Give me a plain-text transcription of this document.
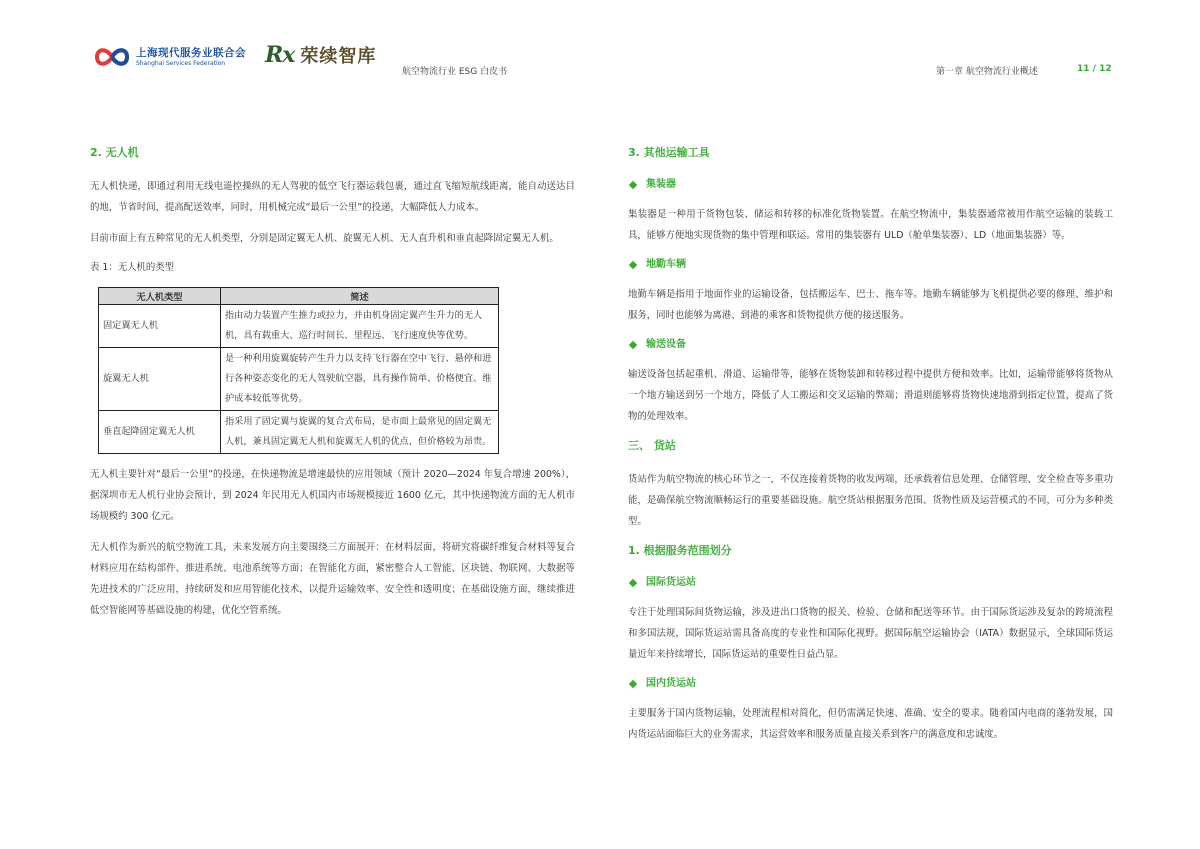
上海现代服务业联合会
Shanghai Services Federation	Rx 荣续智库
航空物流行业 ESG 白皮书	第一章 航空物流行业概述	11 / 12
2. 无人机

无人机快递，即通过利用无线电遥控操纵的无人驾驶的低空飞行器运载包裹，通过直飞缩短航线距离，能自动送达目的地，节省时间，提高配送效率，同时，用机械完成“最后一公里”的投递，大幅降低人力成本。

目前市面上有五种常见的无人机类型，分别是固定翼无人机、旋翼无人机、无人直升机和垂直起降固定翼无人机。

表 1：无人机的类型
无人机类型	简述
固定翼无人机	指由动力装置产生推力或拉力，并由机身固定翼产生升力的无人机，具有载重大、巡行时间长、里程远、飞行速度快等优势。
旋翼无人机	是一种利用旋翼旋转产生升力以支持飞行器在空中飞行、悬停和进行各种姿态变化的无人驾驶航空器，具有操作简单、价格便宜、维护成本较低等优势。
垂直起降固定翼无人机	指采用了固定翼与旋翼的复合式布局，是市面上最常见的固定翼无人机，兼具固定翼无人机和旋翼无人机的优点，但价格较为昂贵。

无人机主要针对“最后一公里”的投递，在快递物流是增速最快的应用领域（预计 2020—2024 年复合增速 200%），据深圳市无人机行业协会预计，到 2024 年民用无人机国内市场规模接近 1600 亿元，其中快递物流方面的无人机市场规模约 300 亿元。

无人机作为新兴的航空物流工具，未来发展方向主要围绕三方面展开：在材料层面，将研究将碳纤维复合材料等复合材料应用在结构部件、推进系统、电池系统等方面；在智能化方面，紧密整合人工智能、区块链、物联网、大数据等先进技术的广泛应用，持续研发和应用智能化技术，以提升运输效率、安全性和透明度；在基础设施方面，继续推进低空智能网等基础设施的构建，优化空管系统。

3. 其他运输工具
集装器

集装器是一种用于货物包装、储运和转移的标准化货物装置。在航空物流中，集装器通常被用作航空运输的装载工具，能够方便地实现货物的集中管理和联运。常用的集装器有 ULD（舱单集装器）、LD（地面集装器）等。

地勤车辆

地勤车辆是指用于地面作业的运输设备，包括搬运车、巴士、拖车等。地勤车辆能够为飞机提供必要的修理、维护和服务，同时也能够为离港、到港的乘客和货物提供方便的接送服务。

输送设备

输送设备包括起重机、滑道、运输带等，能够在货物装卸和转移过程中提供方便和效率。比如，运输带能够将货物从一个地方输送到另一个地方，降低了人工搬运和交叉运输的弊端；滑道则能够将货物快速地滑到指定位置，提高了货物的处理效率。

三、 货站

货站作为航空物流的核心环节之一，不仅连接着货物的收发两端，还承载着信息处理、仓储管理、安全检查等多重功能，是确保航空物流顺畅运行的重要基础设施。航空货站根据服务范围、货物性质及运营模式的不同，可分为多种类型。

1. 根据服务范围划分
国际货运站

专注于处理国际间货物运输，涉及进出口货物的报关、检验、仓储和配送等环节。由于国际货运涉及复杂的跨境流程和多国法规，国际货运站需具备高度的专业性和国际化视野。据国际航空运输协会（IATA）数据显示，全球国际货运量近年来持续增长，国际货运站的重要性日益凸显。

国内货运站

主要服务于国内货物运输，处理流程相对简化，但仍需满足快速、准确、安全的要求。随着国内电商的蓬勃发展，国内货运站面临巨大的业务需求，其运营效率和服务质量直接关系到客户的满意度和忠诚度。
